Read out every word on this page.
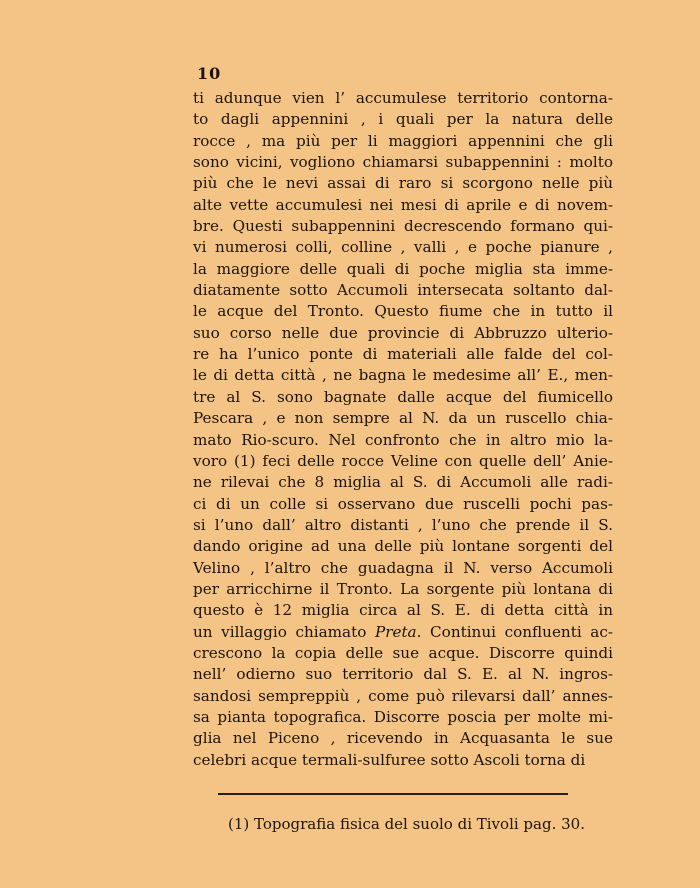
10
ti adunque vien l’ accumulese territorio contorna-
to dagli appennini , i quali per la natura delle
rocce , ma più per li maggiori appennini che gli
sono vicini, vogliono chiamarsi subappennini : molto
più che le nevi assai di raro si scorgono nelle più
alte vette accumulesi nei mesi di aprile e di novem-
bre. Questi subappennini decrescendo formano qui-
vi numerosi colli, colline , valli , e poche pianure ,
la maggiore delle quali di poche miglia sta imme-
diatamente sotto Accumoli intersecata soltanto dal-
le acque del Tronto. Questo fiume che in tutto il
suo corso nelle due provincie di Abbruzzo ulterio-
re ha l’unico ponte di materiali alle falde del col-
le di detta città , ne bagna le medesime all’ E., men-
tre al S. sono bagnate dalle acque del fiumicello
Pescara , e non sempre al N. da un ruscello chia-
mato Rio-scuro. Nel confronto che in altro mio la-
voro (1) feci delle rocce Veline con quelle dell’ Anie-
ne rilevai che 8 miglia al S. di Accumoli alle radi-
ci di un colle si osservano due ruscelli pochi pas-
si l’uno dall’ altro distanti , l’uno che prende il S.
dando origine ad una delle più lontane sorgenti del
Velino , l’altro che guadagna il N. verso Accumoli
per arricchirne il Tronto. La sorgente più lontana di
questo è 12 miglia circa al S. E. di detta città in
un villaggio chiamato Preta. Continui confluenti ac-
crescono la copia delle sue acque. Discorre quindi
nell’ odierno suo territorio dal S. E. al N. ingros-
sandosi sempreppiù , come può rilevarsi dall’ annes-
sa pianta topografica. Discorre poscia per molte mi-
glia nel Piceno , ricevendo in Acquasanta le sue
celebri acque termali-sulfuree sotto Ascoli torna di
(1) Topografia fisica del suolo di Tivoli pag. 30.
